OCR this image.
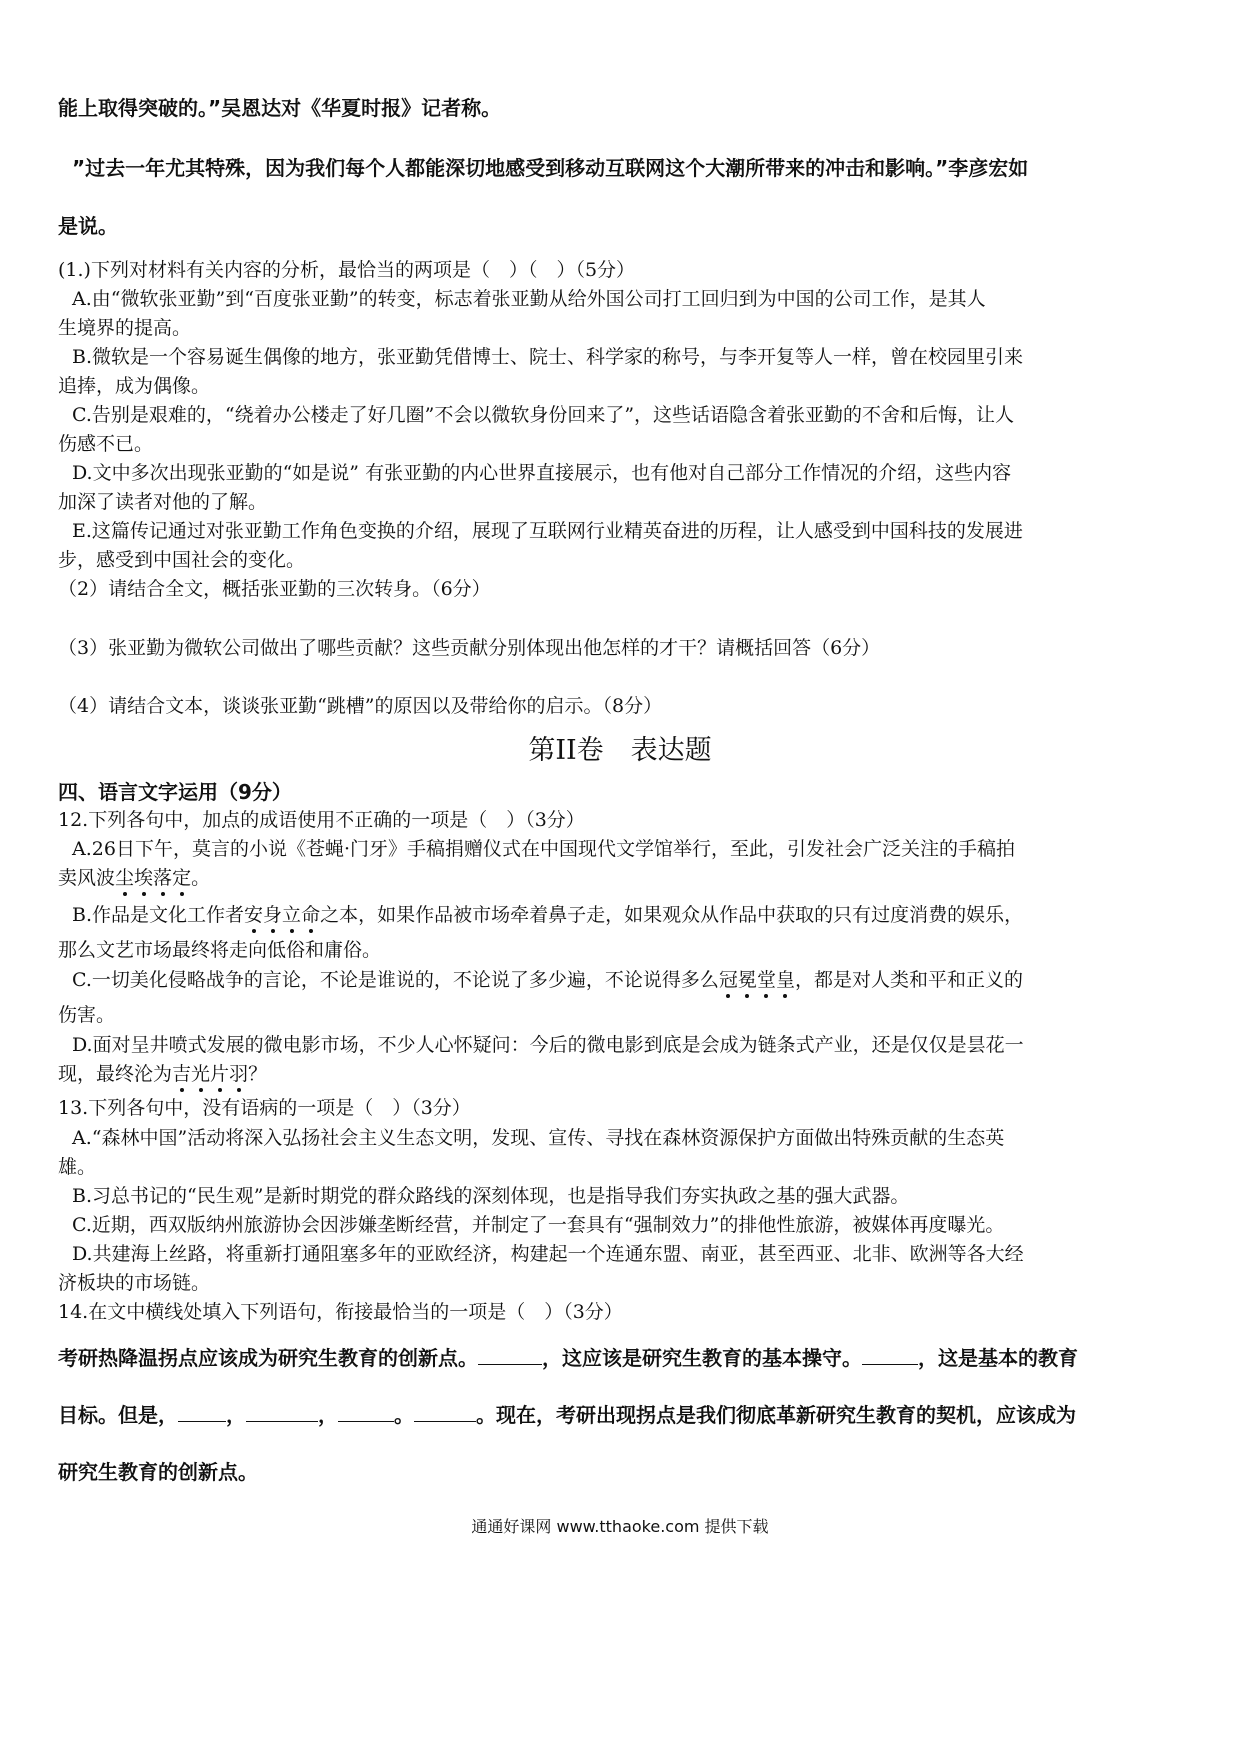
能上取得突破的。”吴恩达对《华夏时报》记者称。
”过去一年尤其特殊，因为我们每个人都能深切地感受到移动互联网这个大潮所带来的冲击和影响。”李彦宏如
是说。
(1.)下列对材料有关内容的分析，最恰当的两项是（　）（　）（5分）
A.由“微软张亚勤”到“百度张亚勤”的转变，标志着张亚勤从给外国公司打工回归到为中国的公司工作，是其人
生境界的提高。
B.微软是一个容易诞生偶像的地方，张亚勤凭借博士、院士、科学家的称号，与李开复等人一样，曾在校园里引来
追捧，成为偶像。
C.告别是艰难的，“绕着办公楼走了好几圈”不会以微软身份回来了”，这些话语隐含着张亚勤的不舍和后悔，让人
伤感不已。
D.文中多次出现张亚勤的“如是说” 有张亚勤的内心世界直接展示，也有他对自己部分工作情况的介绍，这些内容
加深了读者对他的了解。
E.这篇传记通过对张亚勤工作角色变换的介绍，展现了互联网行业精英奋进的历程，让人感受到中国科技的发展进
步，感受到中国社会的变化。
（2）请结合全文，概括张亚勤的三次转身。（6分）
（3）张亚勤为微软公司做出了哪些贡献？这些贡献分别体现出他怎样的才干？请概括回答（6分）
（4）请结合文本，谈谈张亚勤“跳槽”的原因以及带给你的启示。（8分）
第II卷　表达题
四、语言文字运用（9分）
12.下列各句中，加点的成语使用不正确的一项是（　）（3分）
A.26日下午，莫言的小说《苍蝇·门牙》手稿捐赠仪式在中国现代文学馆举行，至此，引发社会广泛关注的手稿拍
卖风波尘埃落定。
B.作品是文化工作者安身立命之本，如果作品被市场牵着鼻子走，如果观众从作品中获取的只有过度消费的娱乐，
那么文艺市场最终将走向低俗和庸俗。
C.一切美化侵略战争的言论，不论是谁说的，不论说了多少遍，不论说得多么冠冕堂皇，都是对人类和平和正义的
伤害。
D.面对呈井喷式发展的微电影市场，不少人心怀疑问：今后的微电影到底是会成为链条式产业，还是仅仅是昙花一
现，最终沦为吉光片羽？
13.下列各句中，没有语病的一项是（　）（3分）
A.“森林中国”活动将深入弘扬社会主义生态文明，发现、宣传、寻找在森林资源保护方面做出特殊贡献的生态英
雄。
B.习总书记的“民生观”是新时期党的群众路线的深刻体现，也是指导我们夯实执政之基的强大武器。
C.近期，西双版纳州旅游协会因涉嫌垄断经营，并制定了一套具有“强制效力”的排他性旅游，被媒体再度曝光。
D.共建海上丝路，将重新打通阻塞多年的亚欧经济，构建起一个连通东盟、南亚，甚至西亚、北非、欧洲等各大经
济板块的市场链。
14.在文中横线处填入下列语句，衔接最恰当的一项是（　）（3分）
考研热降温拐点应该成为研究生教育的创新点。	，这应该是研究生教育的基本操守。	，这是基本的教育
目标。但是， ，	，	。	。现在，考研出现拐点是我们彻底革新研究生教育的契机，应该成为
研究生教育的创新点。
通通好课网 www.tthaoke.com 提供下载
